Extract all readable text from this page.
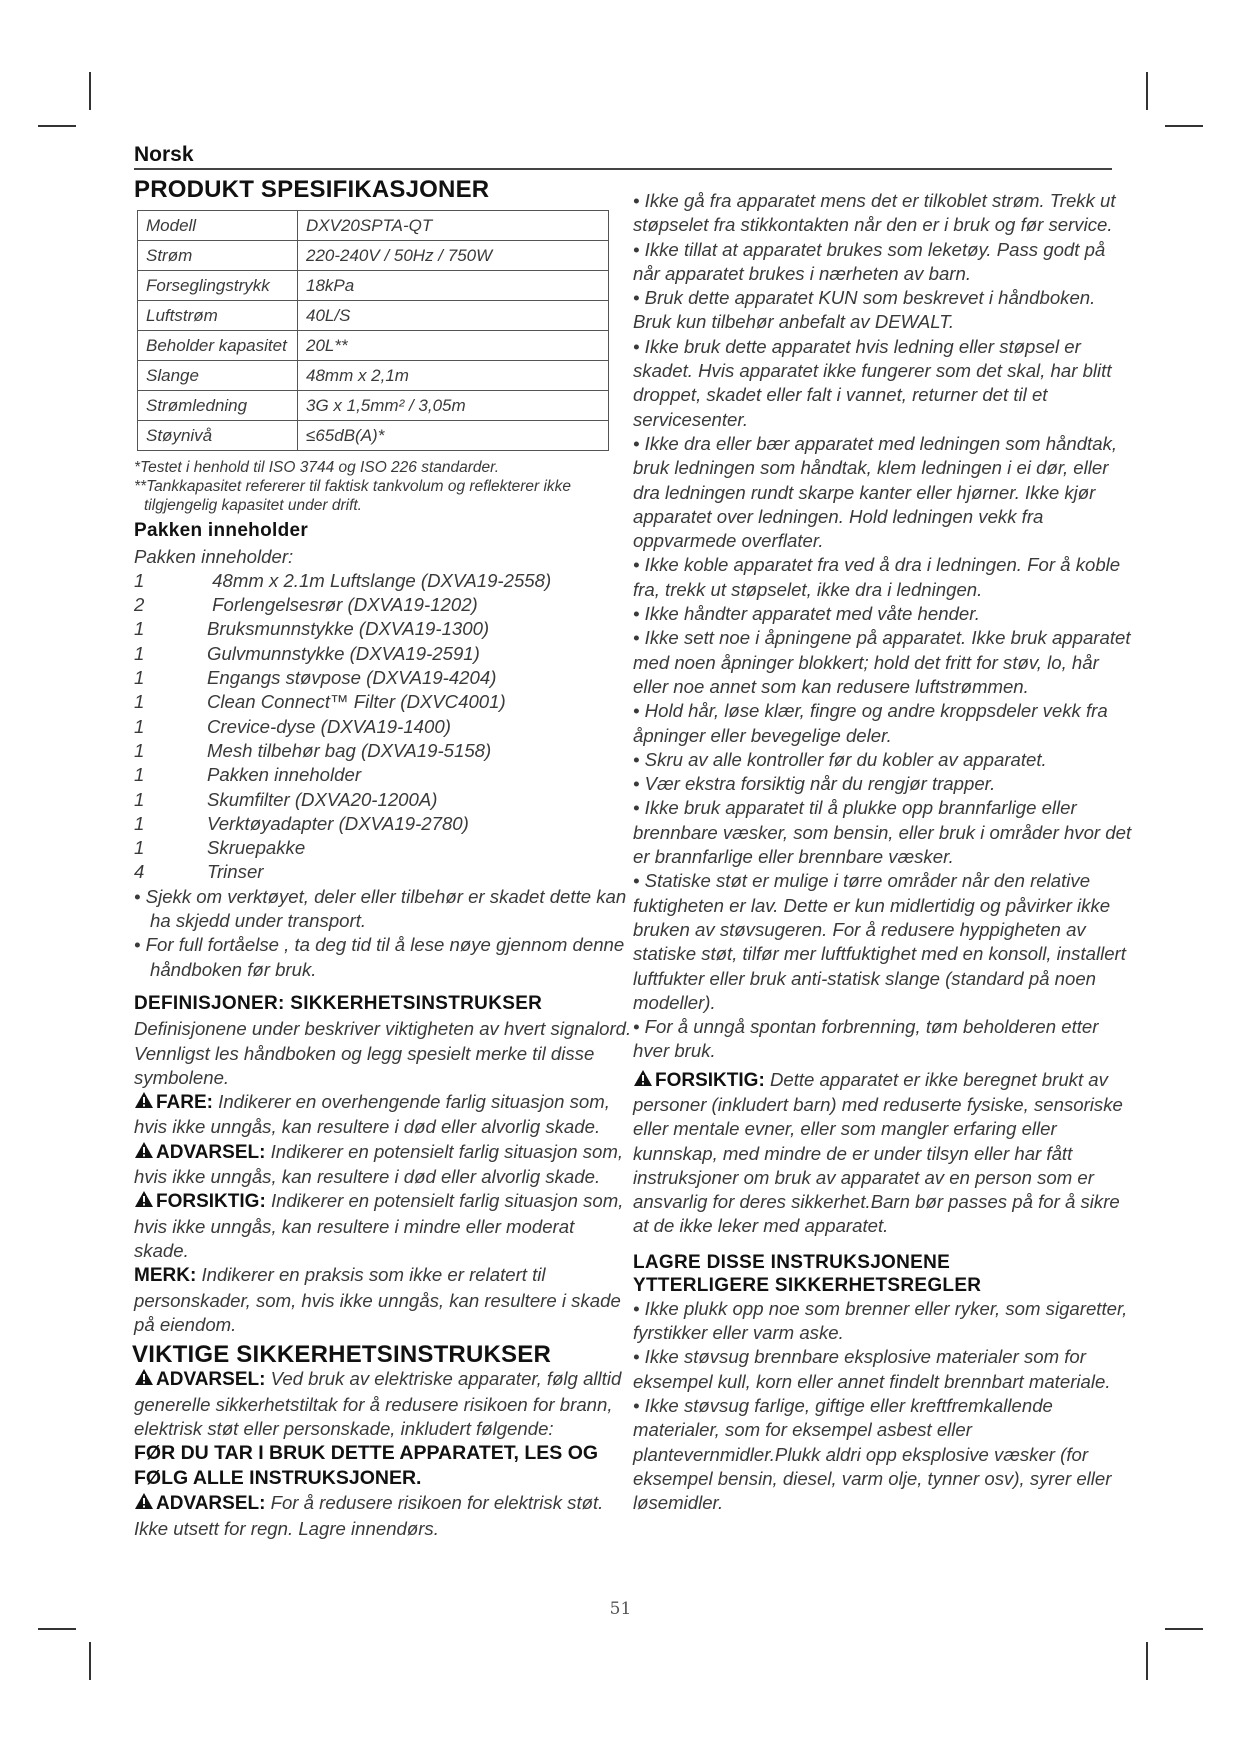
Norsk
PRODUKT SPESIFIKASJONER
Modell	DXV20SPTA-QT
Strøm	220-240V / 50Hz / 750W
Forseglingstrykk	18kPa
Luftstrøm	40L/S
Beholder kapasitet	20L**
Slange	48mm x 2,1m
Strømledning	3G x 1,5mm² / 3,05m
Støynivå	≤65dB(A)*
*Testet i henhold til ISO 3744 og ISO 226 standarder.
**Tankkapasitet refererer til faktisk tankvolum og reflekterer ikke tilgjengelig kapasitet under drift.
Pakken inneholder
Pakken inneholder:
1	48mm x 2.1m Luftslange (DXVA19-2558)
2	Forlengelsesrør (DXVA19-1202)
1	Bruksmunnstykke (DXVA19-1300)
1	Gulvmunnstykke (DXVA19-2591)
1	Engangs støvpose (DXVA19-4204)
1	Clean Connect™ Filter (DXVC4001)
1	Crevice-dyse (DXVA19-1400)
1	Mesh tilbehør bag (DXVA19-5158)
1	Pakken inneholder
1	Skumfilter (DXVA20-1200A)
1	Verktøyadapter (DXVA19-2780)
1	Skruepakke
4	Trinser
• Sjekk om verktøyet, deler eller tilbehør er skadet dette kan ha skjedd under transport.
• For full fortåelse , ta deg tid til å lese nøye gjennom denne håndboken før bruk.
DEFINISJONER: SIKKERHETSINSTRUKSER
Definisjonene under beskriver viktigheten av hvert signalord. Vennligst les håndboken og legg spesielt merke til disse symbolene.
FARE: Indikerer en overhengende farlig situasjon som, hvis ikke unngås, kan resultere i død eller alvorlig skade.
ADVARSEL: Indikerer en potensielt farlig situasjon som, hvis ikke unngås, kan resultere i død eller alvorlig skade.
FORSIKTIG: Indikerer en potensielt farlig situasjon som, hvis ikke unngås, kan resultere i mindre eller moderat skade.
MERK: Indikerer en praksis som ikke er relatert til personskader, som, hvis ikke unngås, kan resultere i skade på eiendom.
VIKTIGE SIKKERHETSINSTRUKSER
ADVARSEL: Ved bruk av elektriske apparater, følg alltid generelle sikkerhetstiltak for å redusere risikoen for brann, elektrisk støt eller personskade, inkludert følgende:
FØR DU TAR I BRUK DETTE APPARATET, LES OG FØLG ALLE INSTRUKSJONER.
ADVARSEL: For å redusere risikoen for elektrisk støt. Ikke utsett for regn. Lagre innendørs.
• Ikke gå fra apparatet mens det er tilkoblet strøm. Trekk ut støpselet fra stikkontakten når den er i bruk og før service.
• Ikke tillat at apparatet brukes som leketøy. Pass godt på når apparatet brukes i nærheten av barn.
• Bruk dette apparatet KUN som beskrevet i håndboken. Bruk kun tilbehør anbefalt av DEWALT.
• Ikke bruk dette apparatet hvis ledning eller støpsel er skadet. Hvis apparatet ikke fungerer som det skal, har blitt droppet, skadet eller falt i vannet, returner det til et servicesenter.
• Ikke dra eller bær apparatet med ledningen som håndtak, bruk ledningen som håndtak, klem ledningen i ei dør, eller dra ledningen rundt skarpe kanter eller hjørner. Ikke kjør apparatet over ledningen. Hold ledningen vekk fra oppvarmede overflater.
• Ikke koble apparatet fra ved å dra i ledningen. For å koble fra, trekk ut støpselet, ikke dra i ledningen.
• Ikke håndter apparatet med våte hender.
• Ikke sett noe i åpningene på apparatet. Ikke bruk apparatet med noen åpninger blokkert; hold det fritt for støv, lo, hår eller noe annet som kan redusere luftstrømmen.
• Hold hår, løse klær, fingre og andre kroppsdeler vekk fra åpninger eller bevegelige deler.
• Skru av alle kontroller før du kobler av apparatet.
• Vær ekstra forsiktig når du rengjør trapper.
• Ikke bruk apparatet til å plukke opp brannfarlige eller brennbare væsker, som bensin, eller bruk i områder hvor det er brannfarlige eller brennbare væsker.
• Statiske støt er mulige i tørre områder når den relative fuktigheten er lav. Dette er kun midlertidig og påvirker ikke bruken av støvsugeren. For å redusere hyppigheten av statiske støt, tilfør mer luftfuktighet med en konsoll, installert luftfukter eller bruk anti-statisk slange (standard på noen modeller).
• For å unngå spontan forbrenning, tøm beholderen etter hver bruk.
FORSIKTIG: Dette apparatet er ikke beregnet brukt av personer (inkludert barn) med reduserte fysiske, sensoriske eller mentale evner, eller som mangler erfaring eller kunnskap, med mindre de er under tilsyn eller har fått instruksjoner om bruk av apparatet av en person som er ansvarlig for deres sikkerhet.Barn bør passes på for å sikre at de ikke leker med apparatet.
LAGRE DISSE INSTRUKSJONENE
YTTERLIGERE SIKKERHETSREGLER
• Ikke plukk opp noe som brenner eller ryker, som sigaretter, fyrstikker eller varm aske.
• Ikke støvsug brennbare eksplosive materialer som for eksempel kull, korn eller annet findelt brennbart materiale.
• Ikke støvsug farlige, giftige eller kreftfremkallende materialer, som for eksempel asbest eller plantevernmidler.Plukk aldri opp eksplosive væsker (for eksempel bensin, diesel, varm olje, tynner osv), syrer eller løsemidler.
51
